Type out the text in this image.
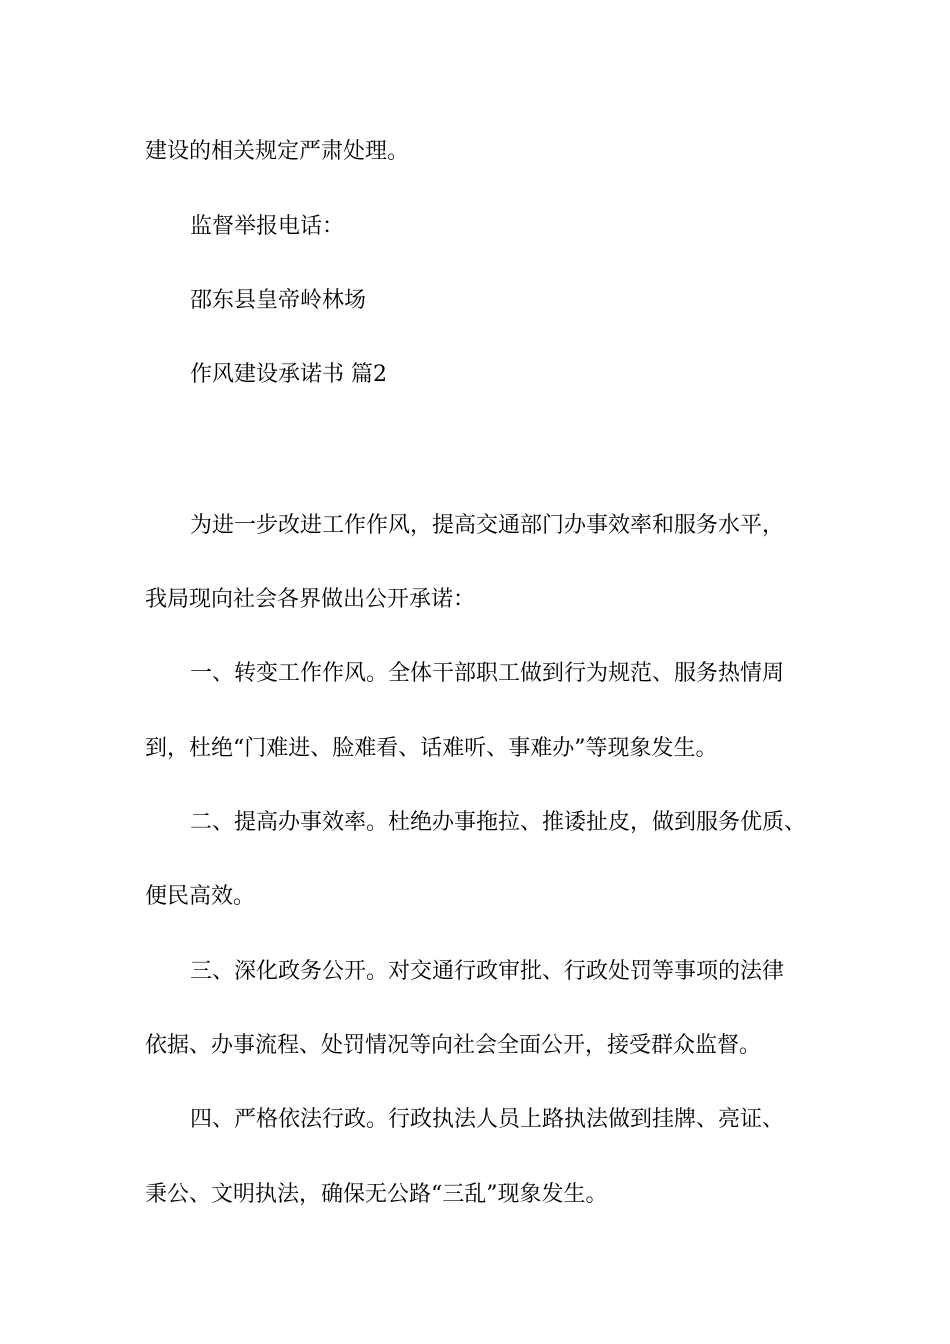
建设的相关规定严肃处理。
监督举报电话：
邵东县皇帝岭林场
作风建设承诺书 篇2
为进一步改进工作作风，提高交通部门办事效率和服务水平，
我局现向社会各界做出公开承诺：
一、转变工作作风。全体干部职工做到行为规范、服务热情周
到，杜绝“门难进、脸难看、话难听、事难办”等现象发生。
二、提高办事效率。杜绝办事拖拉、推诿扯皮，做到服务优质、
便民高效。
三、深化政务公开。对交通行政审批、行政处罚等事项的法律
依据、办事流程、处罚情况等向社会全面公开，接受群众监督。
四、严格依法行政。行政执法人员上路执法做到挂牌、亮证、
秉公、文明执法，确保无公路“三乱”现象发生。
